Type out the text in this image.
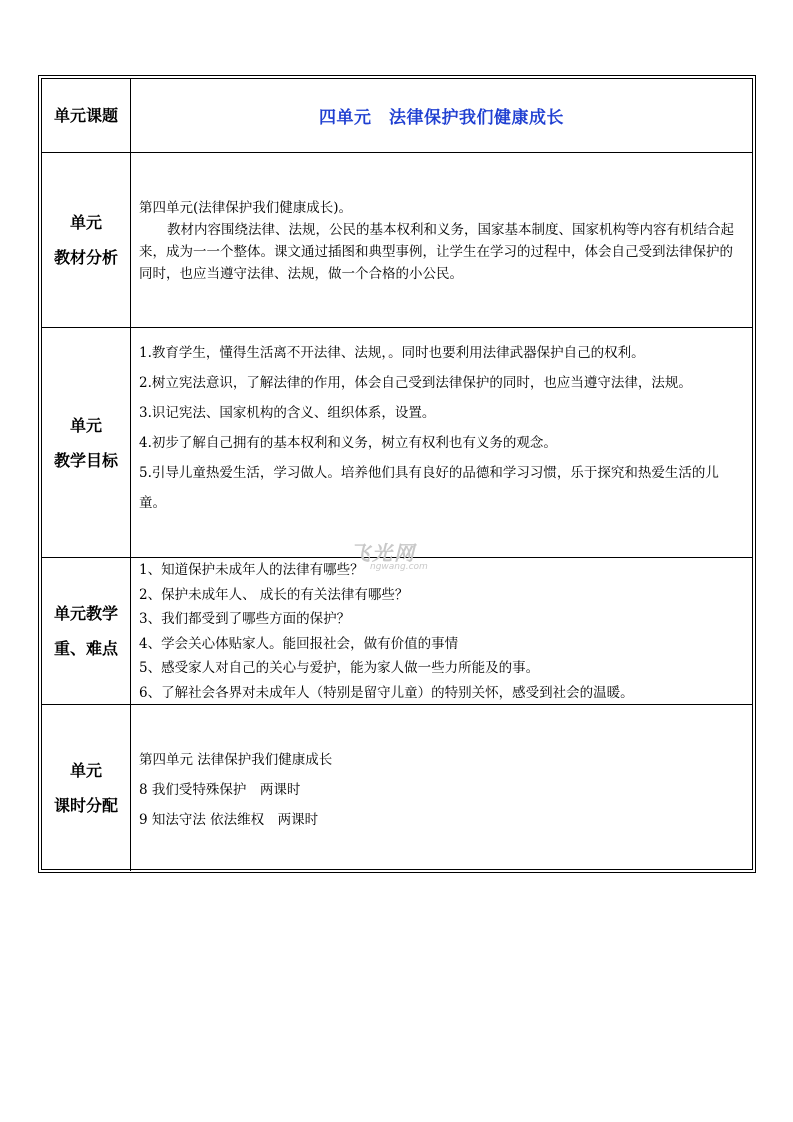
单元课题	四单元　法律保护我们健康成长
单元
教材分析

第四单元(法律保护我们健康成长)。

教材内容围绕法律、法规，公民的基本权利和义务，国家基本制度、国家机构等内容有机结合起来，成为一一个整体。课文通过插图和典型事例，让学生在学习的过程中，体会自己受到法律保护的同时，也应当遵守法律、法规，做一个合格的小公民。

单元
教学目标

1.教育学生，懂得生活离不开法律、法规，。同时也要利用法律武器保护自己的权利。

2.树立宪法意识，了解法律的作用，体会自己受到法律保护的同时，也应当遵守法律，法规。

3.识记宪法、国家机构的含义、组织体系，设置。

4.初步了解自己拥有的基本权利和义务，树立有权利也有义务的观念。

5.引导儿童热爱生活，学习做人。培养他们具有良好的品德和学习习惯，乐于探究和热爱生活的儿童。

单元教学
重、难点

1、知道保护未成年人的法律有哪些？

2、保护未成年人、 成长的有关法律有哪些？

3、我们都受到了哪些方面的保护？

4、学会关心体贴家人。能回报社会，做有价值的事情

5、感受家人对自己的关心与爱护，能为家人做一些力所能及的事。

6、了解社会各界对未成年人（特别是留守儿童）的特别关怀，感受到社会的温暖。

单元
课时分配

第四单元 法律保护我们健康成长

8 我们受特殊保护　两课时

9 知法守法 依法维权　两课时

飞光网
ngwang.com
